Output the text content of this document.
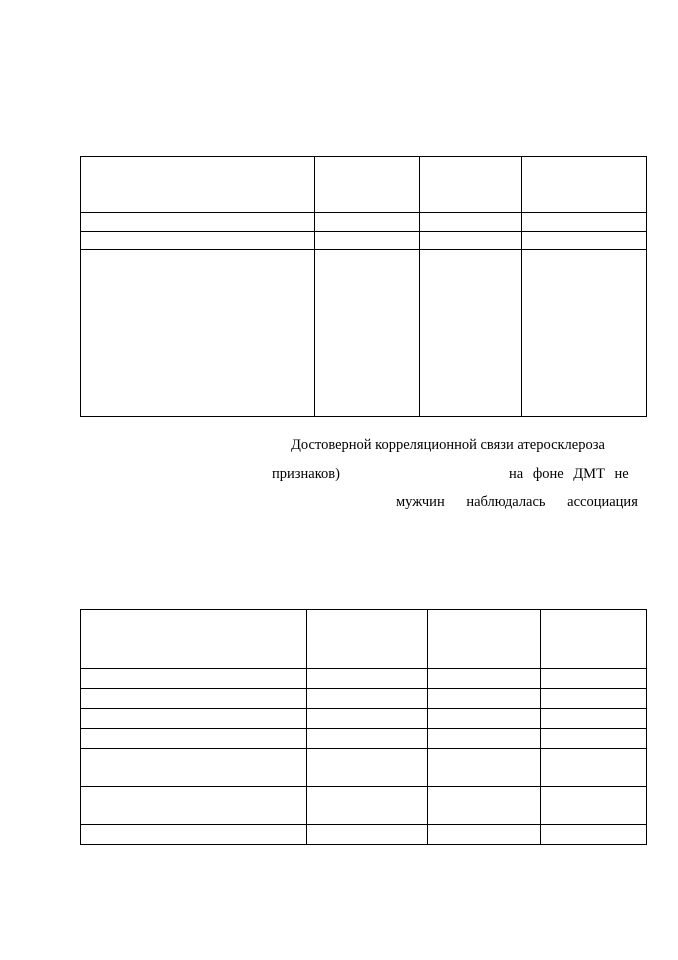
Достоверной корреляционной связи атеросклероза
признаков)	на фоне ДМТ не
мужчин наблюдалась ассоциация
